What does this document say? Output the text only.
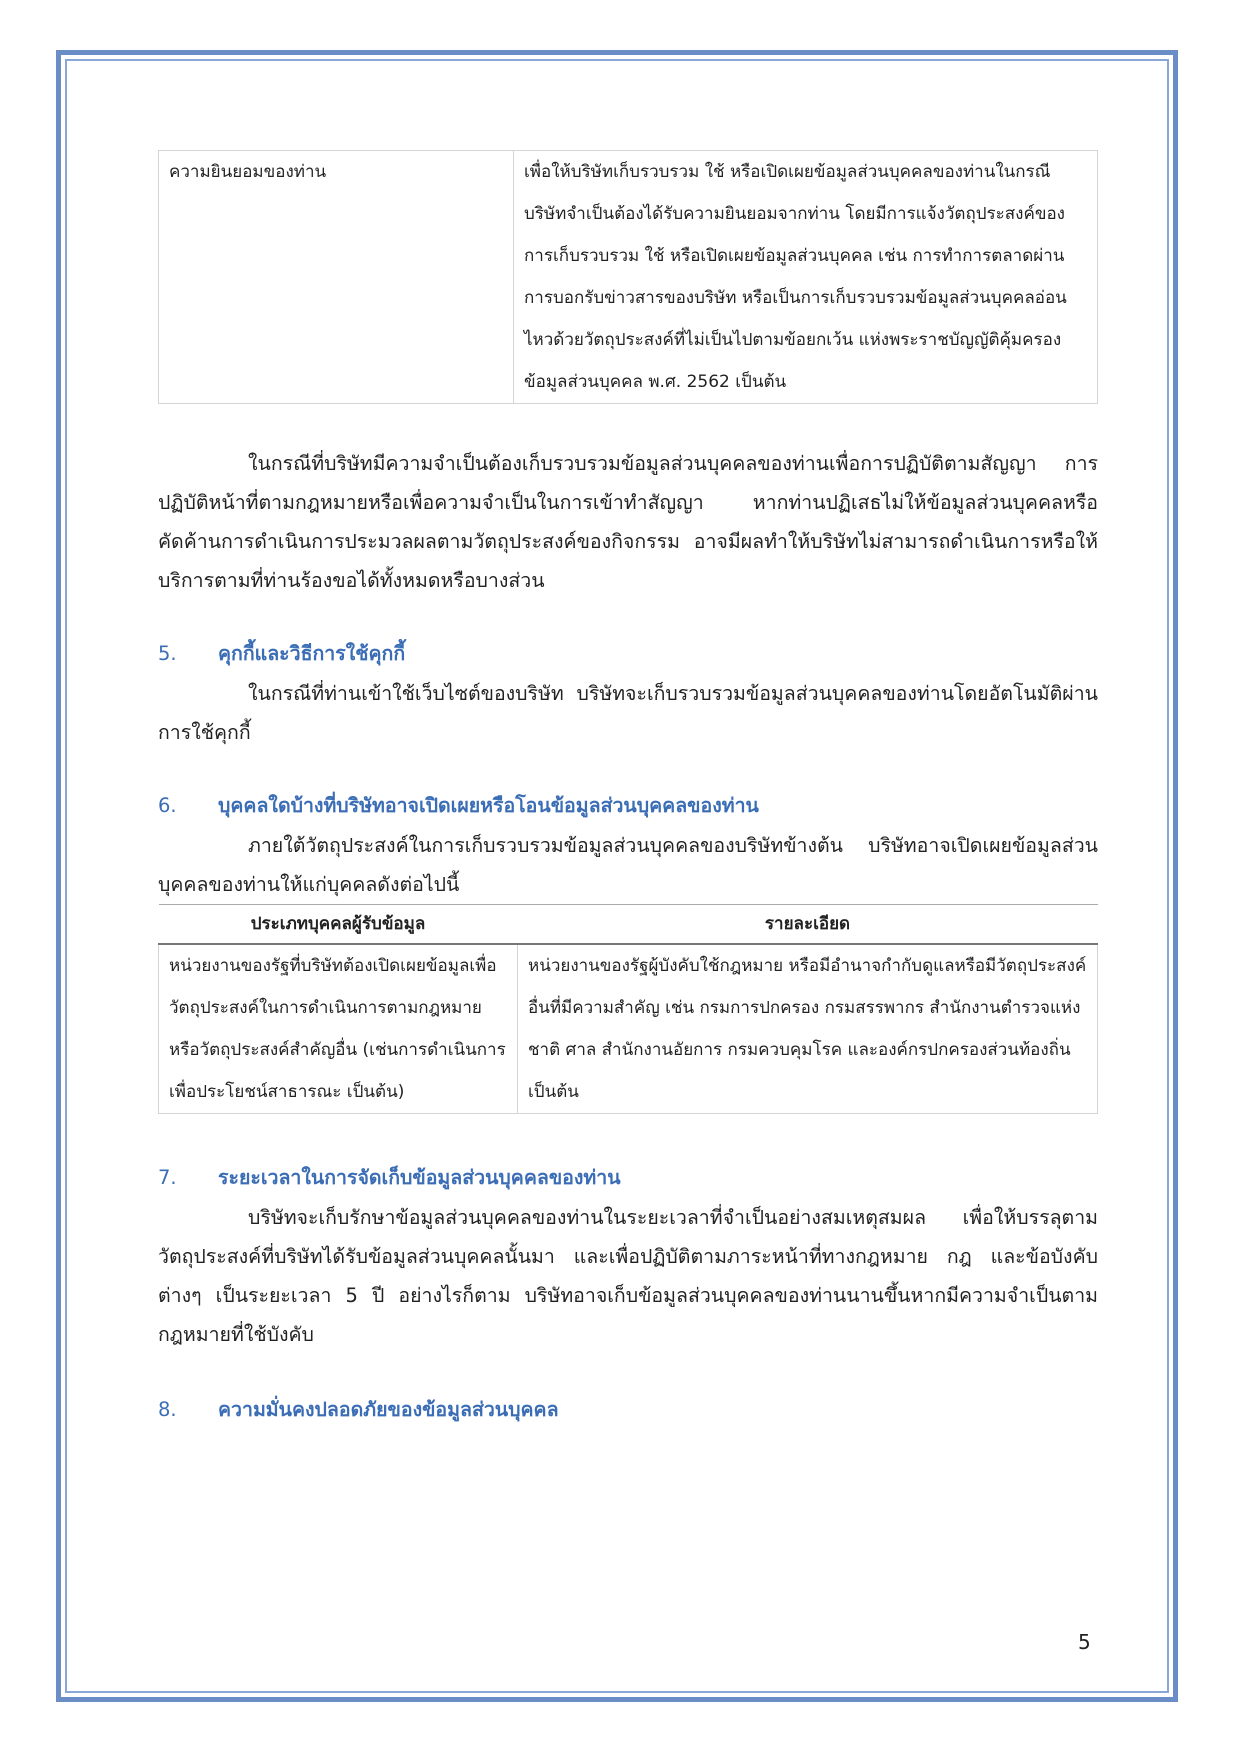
ความยินยอมของท่าน	เพื่อให้บริษัทเก็บรวบรวม ใช้ หรือเปิดเผยข้อมูลส่วนบุคคลของท่านในกรณีบริษัทจำเป็นต้องได้รับความยินยอมจากท่าน โดยมีการแจ้งวัตถุประสงค์ของการเก็บรวบรวม ใช้ หรือเปิดเผยข้อมูลส่วนบุคคล เช่น การทำการตลาดผ่านการบอกรับข่าวสารของบริษัท หรือเป็นการเก็บรวบรวมข้อมูลส่วนบุคคลอ่อนไหวด้วยวัตถุประสงค์ที่ไม่เป็นไปตามข้อยกเว้น แห่งพระราชบัญญัติคุ้มครองข้อมูลส่วนบุคคล พ.ศ. 2562 เป็นต้น

ในกรณีที่บริษัทมีความจำเป็นต้องเก็บรวบรวมข้อมูลส่วนบุคคลของท่านเพื่อการปฏิบัติตามสัญญา การปฏิบัติหน้าที่ตามกฎหมายหรือเพื่อความจำเป็นในการเข้าทำสัญญา หากท่านปฏิเสธไม่ให้ข้อมูลส่วนบุคคลหรือ คัดค้านการดำเนินการประมวลผลตามวัตถุประสงค์ของกิจกรรม อาจมีผลทำให้บริษัทไม่สามารถดำเนินการหรือให้บริการตามที่ท่านร้องขอได้ทั้งหมดหรือบางส่วน

5.	คุกกี้และวิธีการใช้คุกกี้

ในกรณีที่ท่านเข้าใช้เว็บไซต์ของบริษัท บริษัทจะเก็บรวบรวมข้อมูลส่วนบุคคลของท่านโดยอัตโนมัติผ่านการใช้คุกกี้

6.	บุคคลใดบ้างที่บริษัทอาจเปิดเผยหรือโอนข้อมูลส่วนบุคคลของท่าน

ภายใต้วัตถุประสงค์ในการเก็บรวบรวมข้อมูลส่วนบุคคลของบริษัทข้างต้น บริษัทอาจเปิดเผยข้อมูลส่วนบุคคลของท่านให้แก่บุคคลดังต่อไปนี้

ประเภทบุคคลผู้รับข้อมูล	รายละเอียด
หน่วยงานของรัฐที่บริษัทต้องเปิดเผยข้อมูลเพื่อวัตถุประสงค์ในการดำเนินการตามกฎหมายหรือวัตถุประสงค์สำคัญอื่น (เช่นการดำเนินการเพื่อประโยชน์สาธารณะ เป็นต้น)	หน่วยงานของรัฐผู้บังคับใช้กฎหมาย หรือมีอำนาจกำกับดูแลหรือมีวัตถุประสงค์อื่นที่มีความสำคัญ เช่น กรมการปกครอง กรมสรรพากร สำนักงานตำรวจแห่งชาติ ศาล สำนักงานอัยการ กรมควบคุมโรค และองค์กรปกครองส่วนท้องถิ่น เป็นต้น
7.	ระยะเวลาในการจัดเก็บข้อมูลส่วนบุคคลของท่าน

บริษัทจะเก็บรักษาข้อมูลส่วนบุคคลของท่านในระยะเวลาที่จำเป็นอย่างสมเหตุสมผล เพื่อให้บรรลุตามวัตถุประสงค์ที่บริษัทได้รับข้อมูลส่วนบุคคลนั้นมา และเพื่อปฏิบัติตามภาระหน้าที่ทางกฎหมาย กฎ และข้อบังคับต่างๆ เป็นระยะเวลา 5 ปี อย่างไรก็ตาม บริษัทอาจเก็บข้อมูลส่วนบุคคลของท่านนานขึ้นหากมีความจำเป็นตามกฎหมายที่ใช้บังคับ

8.	ความมั่นคงปลอดภัยของข้อมูลส่วนบุคคล
5
